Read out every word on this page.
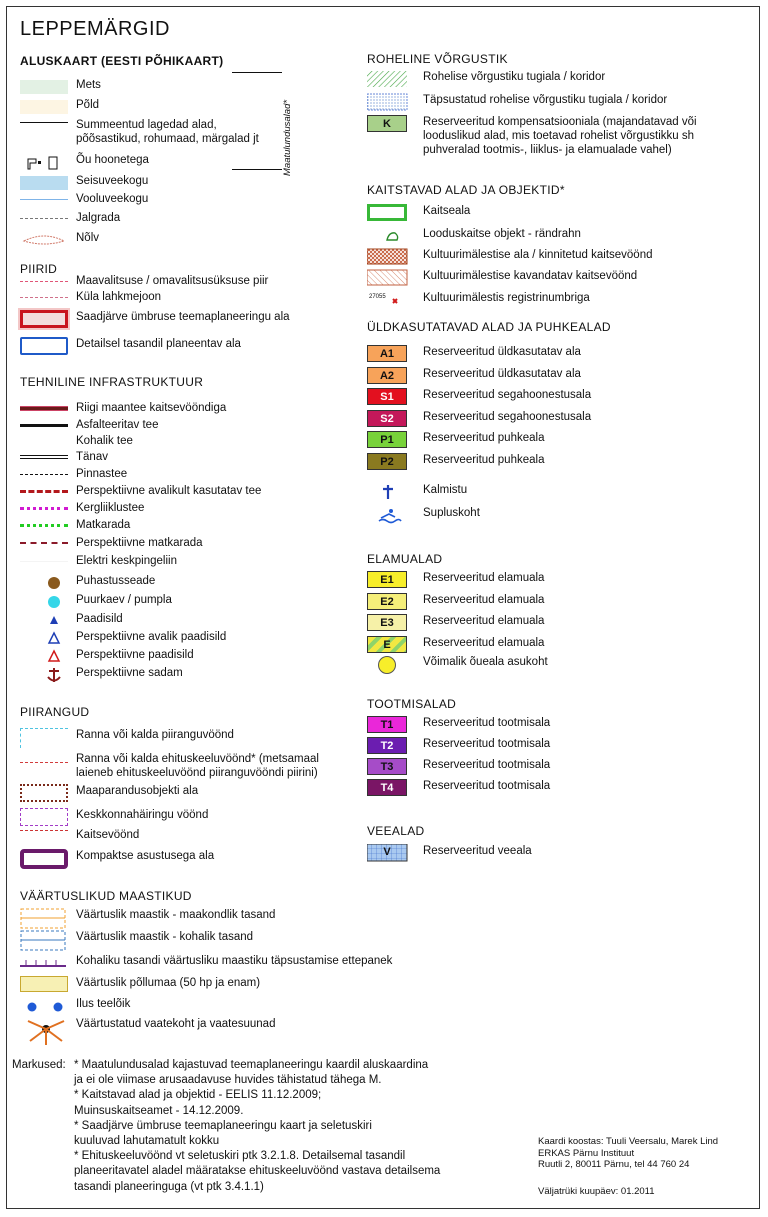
LEPPEMÄRGID
ALUSKAART (EESTI PÕHIKAART)
Mets
Põld
Summeentud lagedad alad,
põõsastikud, rohumaad, märgalad jt
Õu hoonetega
Seisuveekogu
Vooluveekogu
Jalgrada
Nõlv
Maatulundusalad*
PIIRID
Maavalitsuse / omavalitsusüksuse piir
Küla lahkmejoon
Saadjärve ümbruse teemaplaneeringu ala
Detailsel tasandil planeentav ala
TEHNILINE INFRASTRUKTUUR
Riigi maantee kaitsevööndiga
Asfalteeritav tee
Kohalik tee
Tänav
Pinnastee
Perspektiivne avalikult kasutatav tee
Kergliiklustee
Matkarada
Perspektiivne matkarada
Elektri keskpingeliin
Puhastusseade
Puurkaev / pumpla
Paadisild
Perspektiivne avalik paadisild
Perspektiivne paadisild
Perspektiivne sadam
PIIRANGUD
Ranna või kalda piiranguvöönd
Ranna või kalda ehituskeeluvöönd* (metsamaal
laieneb ehituskeeluvöönd piiranguvööndi piirini)
Maaparandusobjekti ala
Keskkonnahäiringu vöönd
Kaitsevöönd
Kompaktse asustusega ala
VÄÄRTUSLIKUD MAASTIKUD
Väärtuslik maastik - maakondlik tasand
Väärtuslik maastik - kohalik tasand
Kohaliku tasandi väärtusliku maastiku täpsustamise ettepanek
Väärtuslik põllumaa (50 hp ja enam)
Ilus teelõik
Väärtustatud vaatekoht ja vaatesuunad
ROHELINE VÕRGUSTIK
Rohelise võrgustiku tugiala / koridor
Täpsustatud rohelise võrgustiku tugiala / koridor
K	Reserveeritud kompensatsiooniala (majandatavad või
looduslikud alad, mis toetavad rohelist võrgustikku sh
puhveralad tootmis-, liiklus- ja elamualade vahel)
KAITSTAVAD ALAD JA OBJEKTID*
Kaitseala
Looduskaitse objekt - rändrahn
Kultuurimälestise ala / kinnitetud kaitsevöönd
Kultuurimälestise kavandatav kaitsevöönd
27055	Kultuurimälestis registrinumbriga
ÜLDKASUTATAVAD ALAD JA PUHKEALAD
A1	Reserveeritud üldkasutatav ala
A2	Reserveeritud üldkasutatav ala
S1	Reserveeritud segahoonestusala
S2	Reserveeritud segahoonestusala
P1	Reserveeritud puhkeala
P2	Reserveeritud puhkeala
Kalmistu
Supluskoht
ELAMUALAD
E1	Reserveeritud elamuala
E2	Reserveeritud elamuala
E3	Reserveeritud elamuala
E	Reserveeritud elamuala
Võimalik õueala asukoht
TOOTMISALAD
T1	Reserveeritud tootmisala
T2	Reserveeritud tootmisala
T3	Reserveeritud tootmisala
T4	Reserveeritud tootmisala
VEEALAD
V	Reserveeritud veeala
Markused: * Maatulundusalad kajastuvad teemaplaneeringu kaardil aluskaardina
ja ei ole viimase arusaadavuse huvides tähistatud tähega M.
* Kaitstavad alad ja objektid - EELIS 11.12.2009;
Muinsuskaitseamet - 14.12.2009.
* Saadjärve ümbruse teemaplaneeringu kaart ja seletuskiri
kuuluvad lahutamatult kokku
* Ehituskeeluvöönd vt seletuskiri ptk 3.2.1.8. Detailsemal tasandil
planeeritavatel aladel määratakse ehituskeeluvöönd vastava detailsema
tasandi planeeringuga (vt ptk 3.4.1.1)
Kaardi koostas: Tuuli Veersalu, Marek Lind
ERKAS Pärnu Instituut
Ruutli 2, 80011 Pärnu, tel 44 760 24
Väljatrüki kuupäev: 01.2011
